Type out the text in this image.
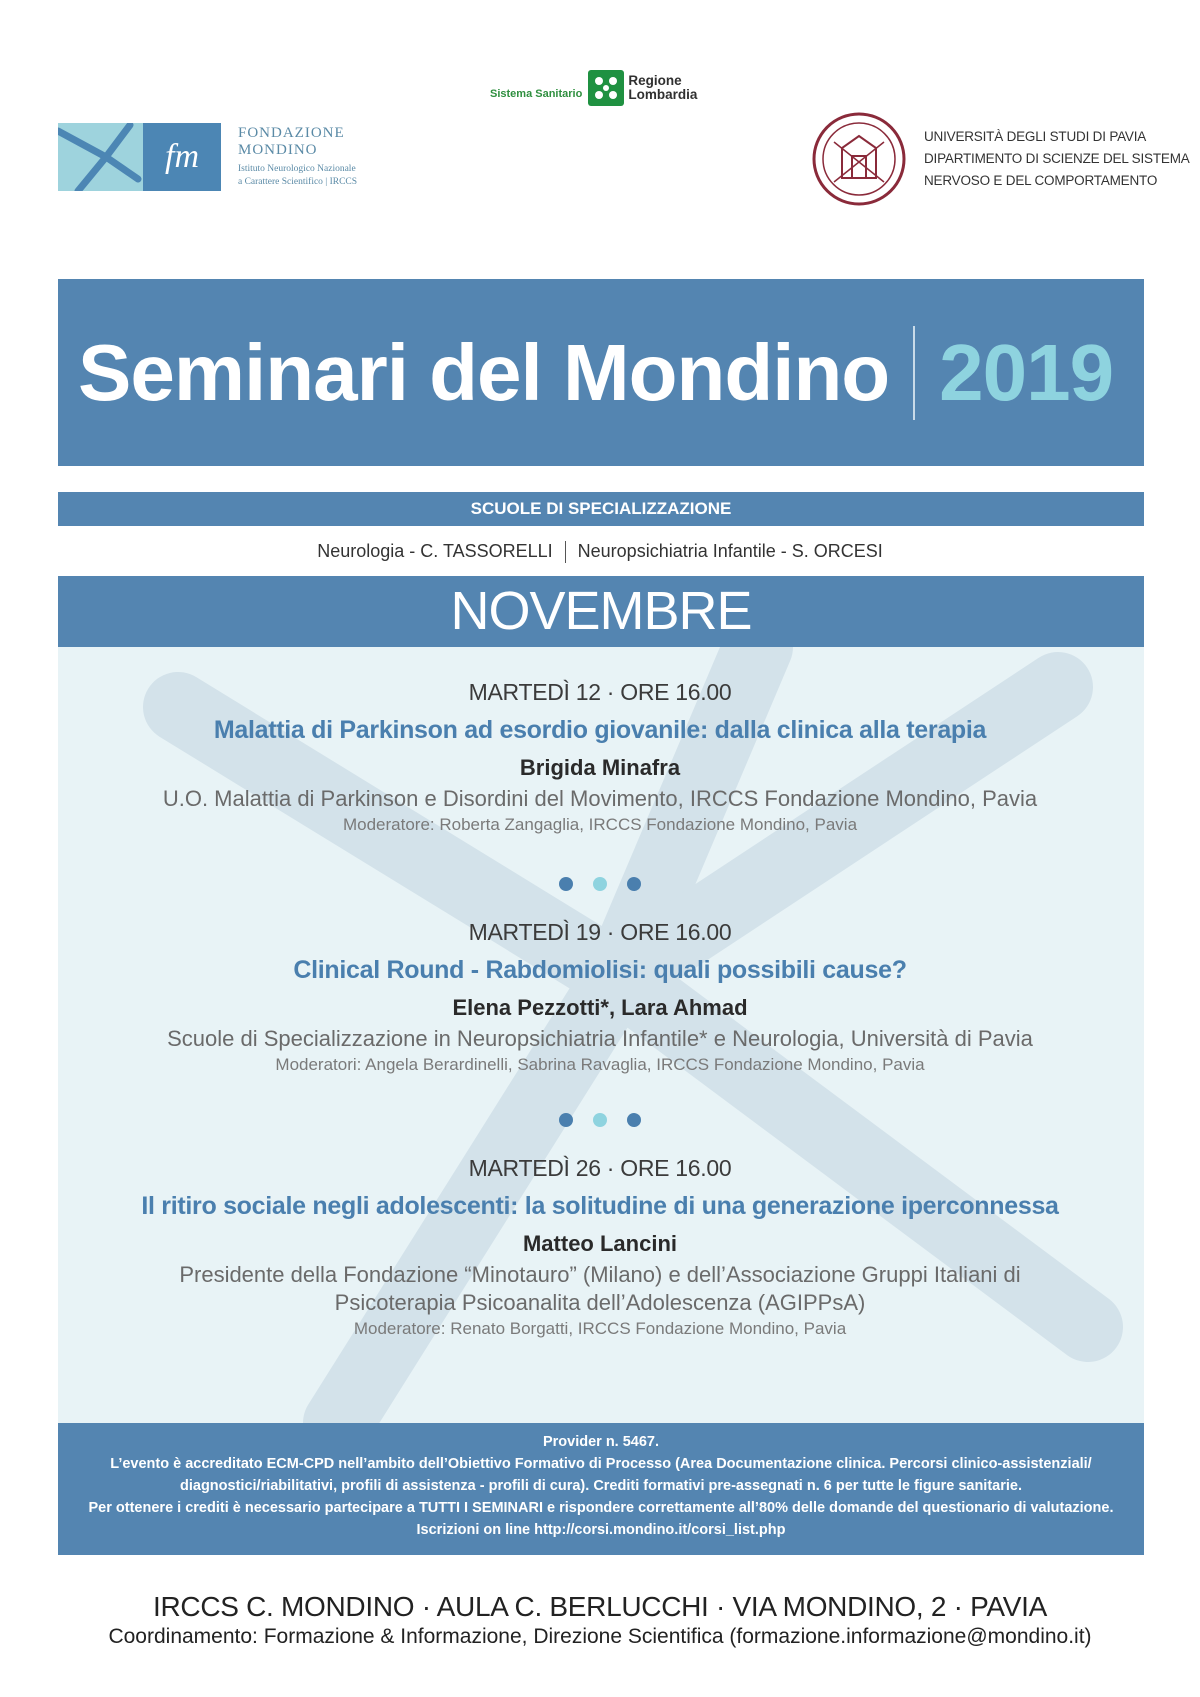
fm
FONDAZIONE
MONDINO
Istituto Neurologico Nazionale
a Carattere Scientifico | IRCCS
Sistema Sanitario
Regione
Lombardia
UNIVERSITÀ DEGLI STUDI DI PAVIA
DIPARTIMENTO DI SCIENZE DEL SISTEMA
NERVOSO E DEL COMPORTAMENTO
Seminari del Mondino 2019
SCUOLE DI SPECIALIZZAZIONE
Neurologia - C. TASSORELLI Neuropsichiatria Infantile - S. ORCESI
NOVEMBRE
MARTEDÌ 12 · ORE 16.00
Malattia di Parkinson ad esordio giovanile: dalla clinica alla terapia
Brigida Minafra
U.O. Malattia di Parkinson e Disordini del Movimento, IRCCS Fondazione Mondino, Pavia
Moderatore: Roberta Zangaglia, IRCCS Fondazione Mondino, Pavia
MARTEDÌ 19 · ORE 16.00
Clinical Round - Rabdomiolisi: quali possibili cause?
Elena Pezzotti*, Lara Ahmad
Scuole di Specializzazione in Neuropsichiatria Infantile* e Neurologia, Università di Pavia
Moderatori: Angela Berardinelli, Sabrina Ravaglia, IRCCS Fondazione Mondino, Pavia
MARTEDÌ 26 · ORE 16.00
Il ritiro sociale negli adolescenti: la solitudine di una generazione iperconnessa
Matteo Lancini
Presidente della Fondazione “Minotauro” (Milano) e dell’Associazione Gruppi Italiani di
Psicoterapia Psicoanalita dell’Adolescenza (AGIPPsA)
Moderatore: Renato Borgatti, IRCCS Fondazione Mondino, Pavia
Provider n. 5467.
L’evento è accreditato ECM-CPD nell’ambito dell’Obiettivo Formativo di Processo (Area Documentazione clinica. Percorsi clinico-assistenziali/
diagnostici/riabilitativi, profili di assistenza - profili di cura). Crediti formativi pre-assegnati n. 6 per tutte le figure sanitarie.
Per ottenere i crediti è necessario partecipare a TUTTI I SEMINARI e rispondere correttamente all’80% delle domande del questionario di valutazione.
Iscrizioni on line http://corsi.mondino.it/corsi_list.php
IRCCS C. MONDINO · AULA C. BERLUCCHI · VIA MONDINO, 2 · PAVIA
Coordinamento: Formazione & Informazione, Direzione Scientifica (formazione.informazione@mondino.it)
